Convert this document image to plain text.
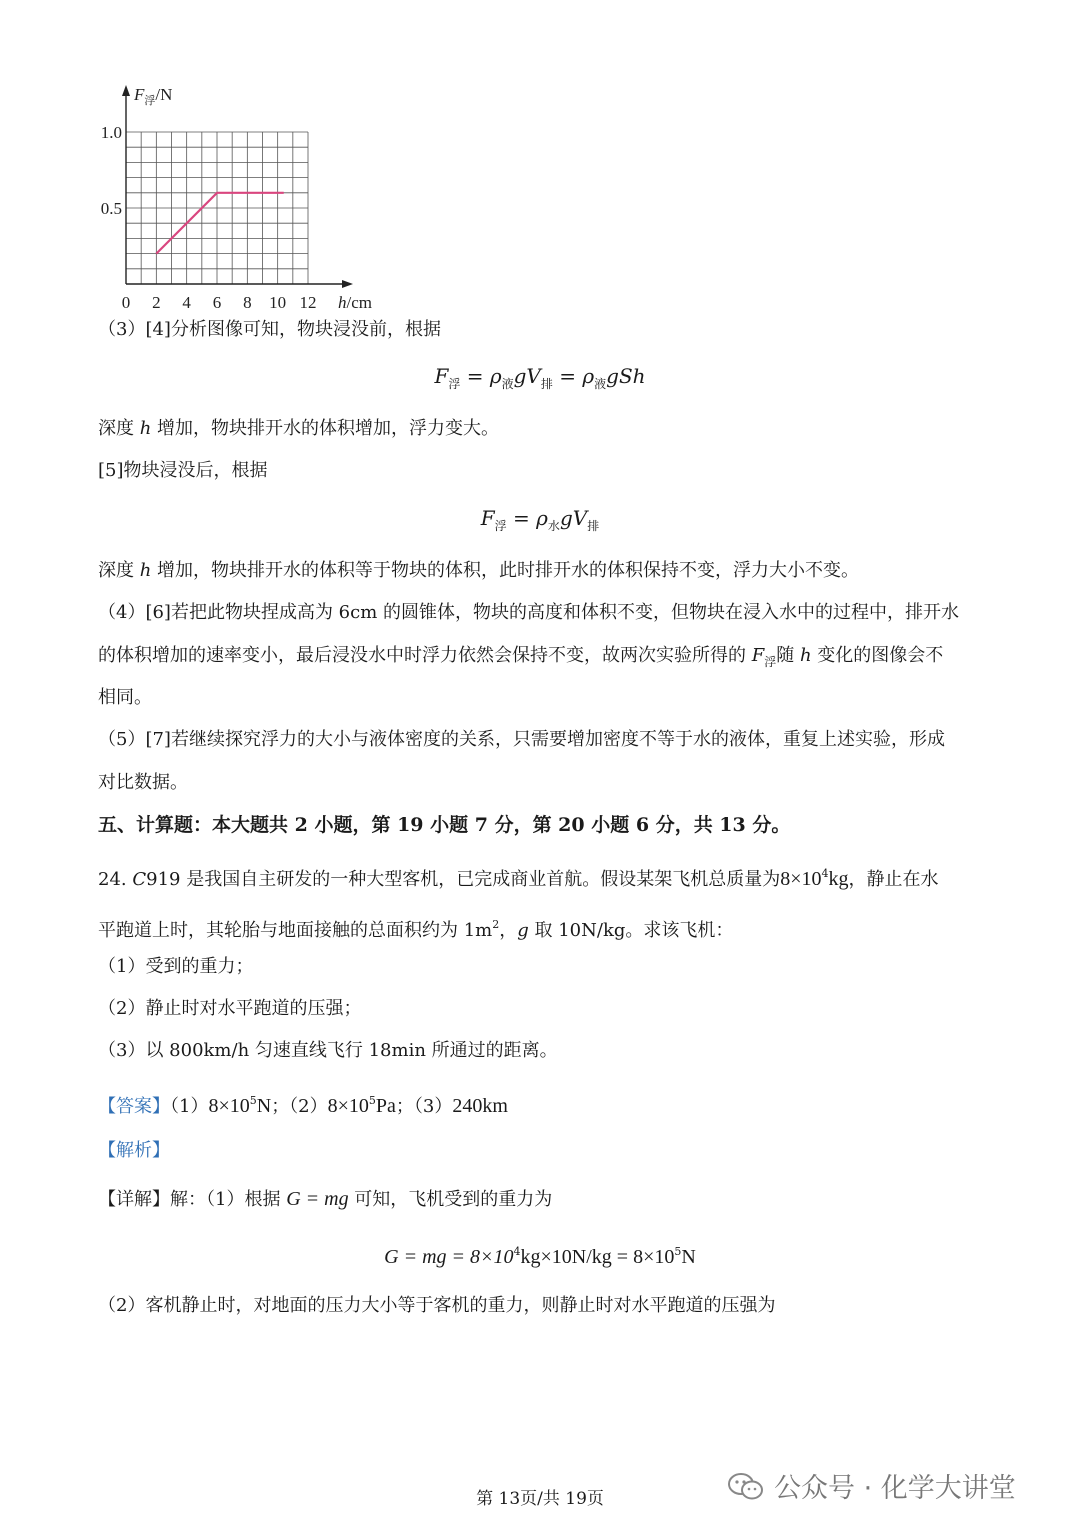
0 2 4 6 8 10 12
0.5
1.0
$F_浮/N$
h/cm
（3）[4]分析图像可知，物块浸没前，根据
$F_浮 = \rho_液gV_排 = \rho_液gSh$
深度 h 增加，物块排开水的体积增加，浮力变大。
[5]物块浸没后，根据
$F_浮 = \rho_水gV_排$
深度 h 增加，物块排开水的体积等于物块的体积，此时排开水的体积保持不变，浮力大小不变。
（4）[6]若把此物块捏成高为 6cm 的圆锥体，物块的高度和体积不变，但物块在浸入水中的过程中，排开水
的体积增加的速率变小，最后浸没水中时浮力依然会保持不变，故两次实验所得的 $F_浮$随 h 变化的图像会不
相同。
（5）[7]若继续探究浮力的大小与液体密度的关系，只需要增加密度不等于水的液体，重复上述实验，形成
对比数据。
五、计算题：本大题共 2 小题，第 19 小题 7 分，第 20 小题 6 分，共 13 分。
24. C919 是我国自主研发的一种大型客机，已完成商业首航。假设某架飞机总质量为$8\times 10^4kg$，静止在水
平跑道上时，其轮胎与地面接触的总面积约为 $1m^2$，g 取 10N/kg。求该飞机：
（1）受到的重力；
（2）静止时对水平跑道的压强；
（3）以 800km/h 匀速直线飞行 18min 所通过的距离。
【答案】$(1)8\times 10^5N$；$(2)8\times 10^5Pa$；（3）240km
【解析】
【详解】解：（1）根据 G = mg 可知，飞机受到的重力为
G = mg = $8\times 10^4kg\times 10N/kg = 8\times 10^5N$
（2）客机静止时，对地面的压力大小等于客机的重力，则静止时对水平跑道的压强为
第 13页/共 19页	公众号 · 化学大讲堂
